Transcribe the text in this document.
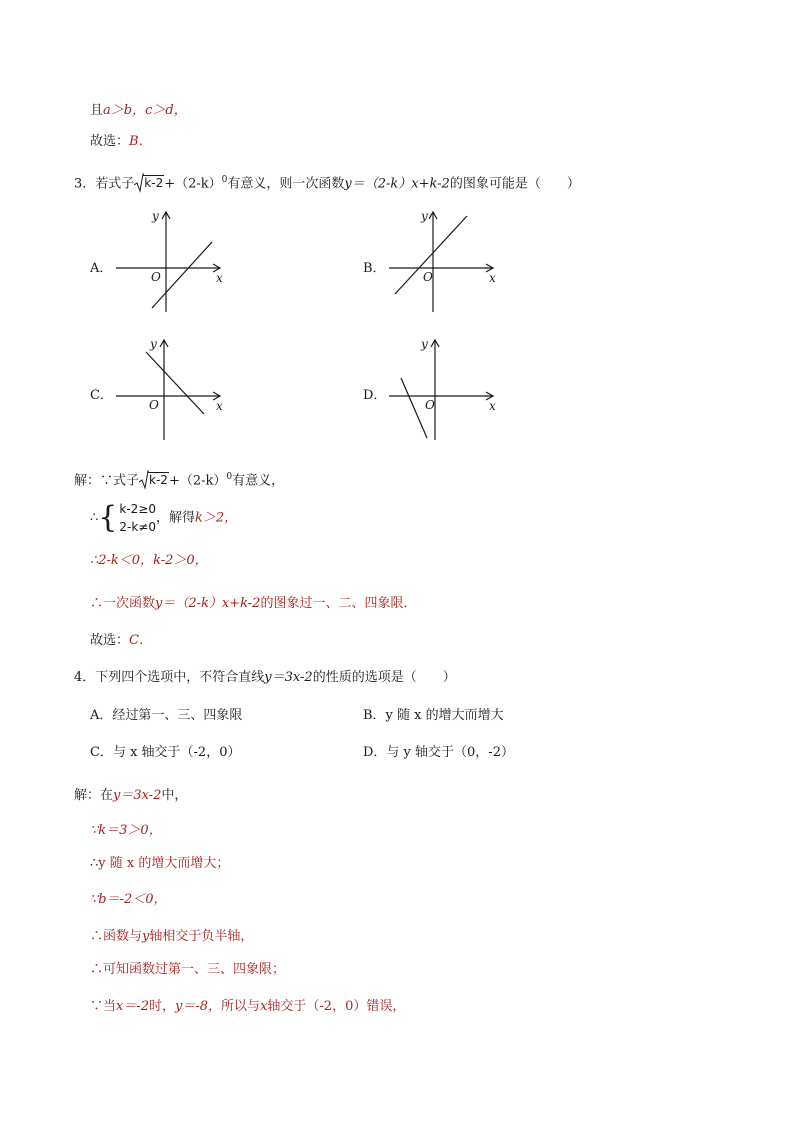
且a＞b，c＞d，
故选：B．
3．若式子 $k-2+(2-k)^0$有意义，则一次函数y＝（2-k）x+k-2的图象可能是（　　）
A．
x
y
O
B．
x
y
O
C．
x
y
O
D．
x
y
O
解：∵式子 $k-2+(2-k)^0$有意义，
∴{ k-2≥0
2-k≠0
，解得k＞2，
∴2-k＜0，k-2＞0，
∴一次函数y＝（2-k）x+k-2的图象过一、二、四象限．
故选：C．
4．下列四个选项中，不符合直线y＝3x-2的性质的选项是（　　）
A．经过第一、三、四象限	B．y 随 x 的增大而增大
C．与 x 轴交于（-2，0）	D．与 y 轴交于（0，-2）
解：在y＝3x-2中，
∵k＝3＞0，
∴y 随 x 的增大而增大；
∵b＝-2＜0，
∴函数与y轴相交于负半轴，
∴可知函数过第一、三、四象限；
∵当x＝-2时，y＝-8，所以与x轴交于（-2，0）错误，
